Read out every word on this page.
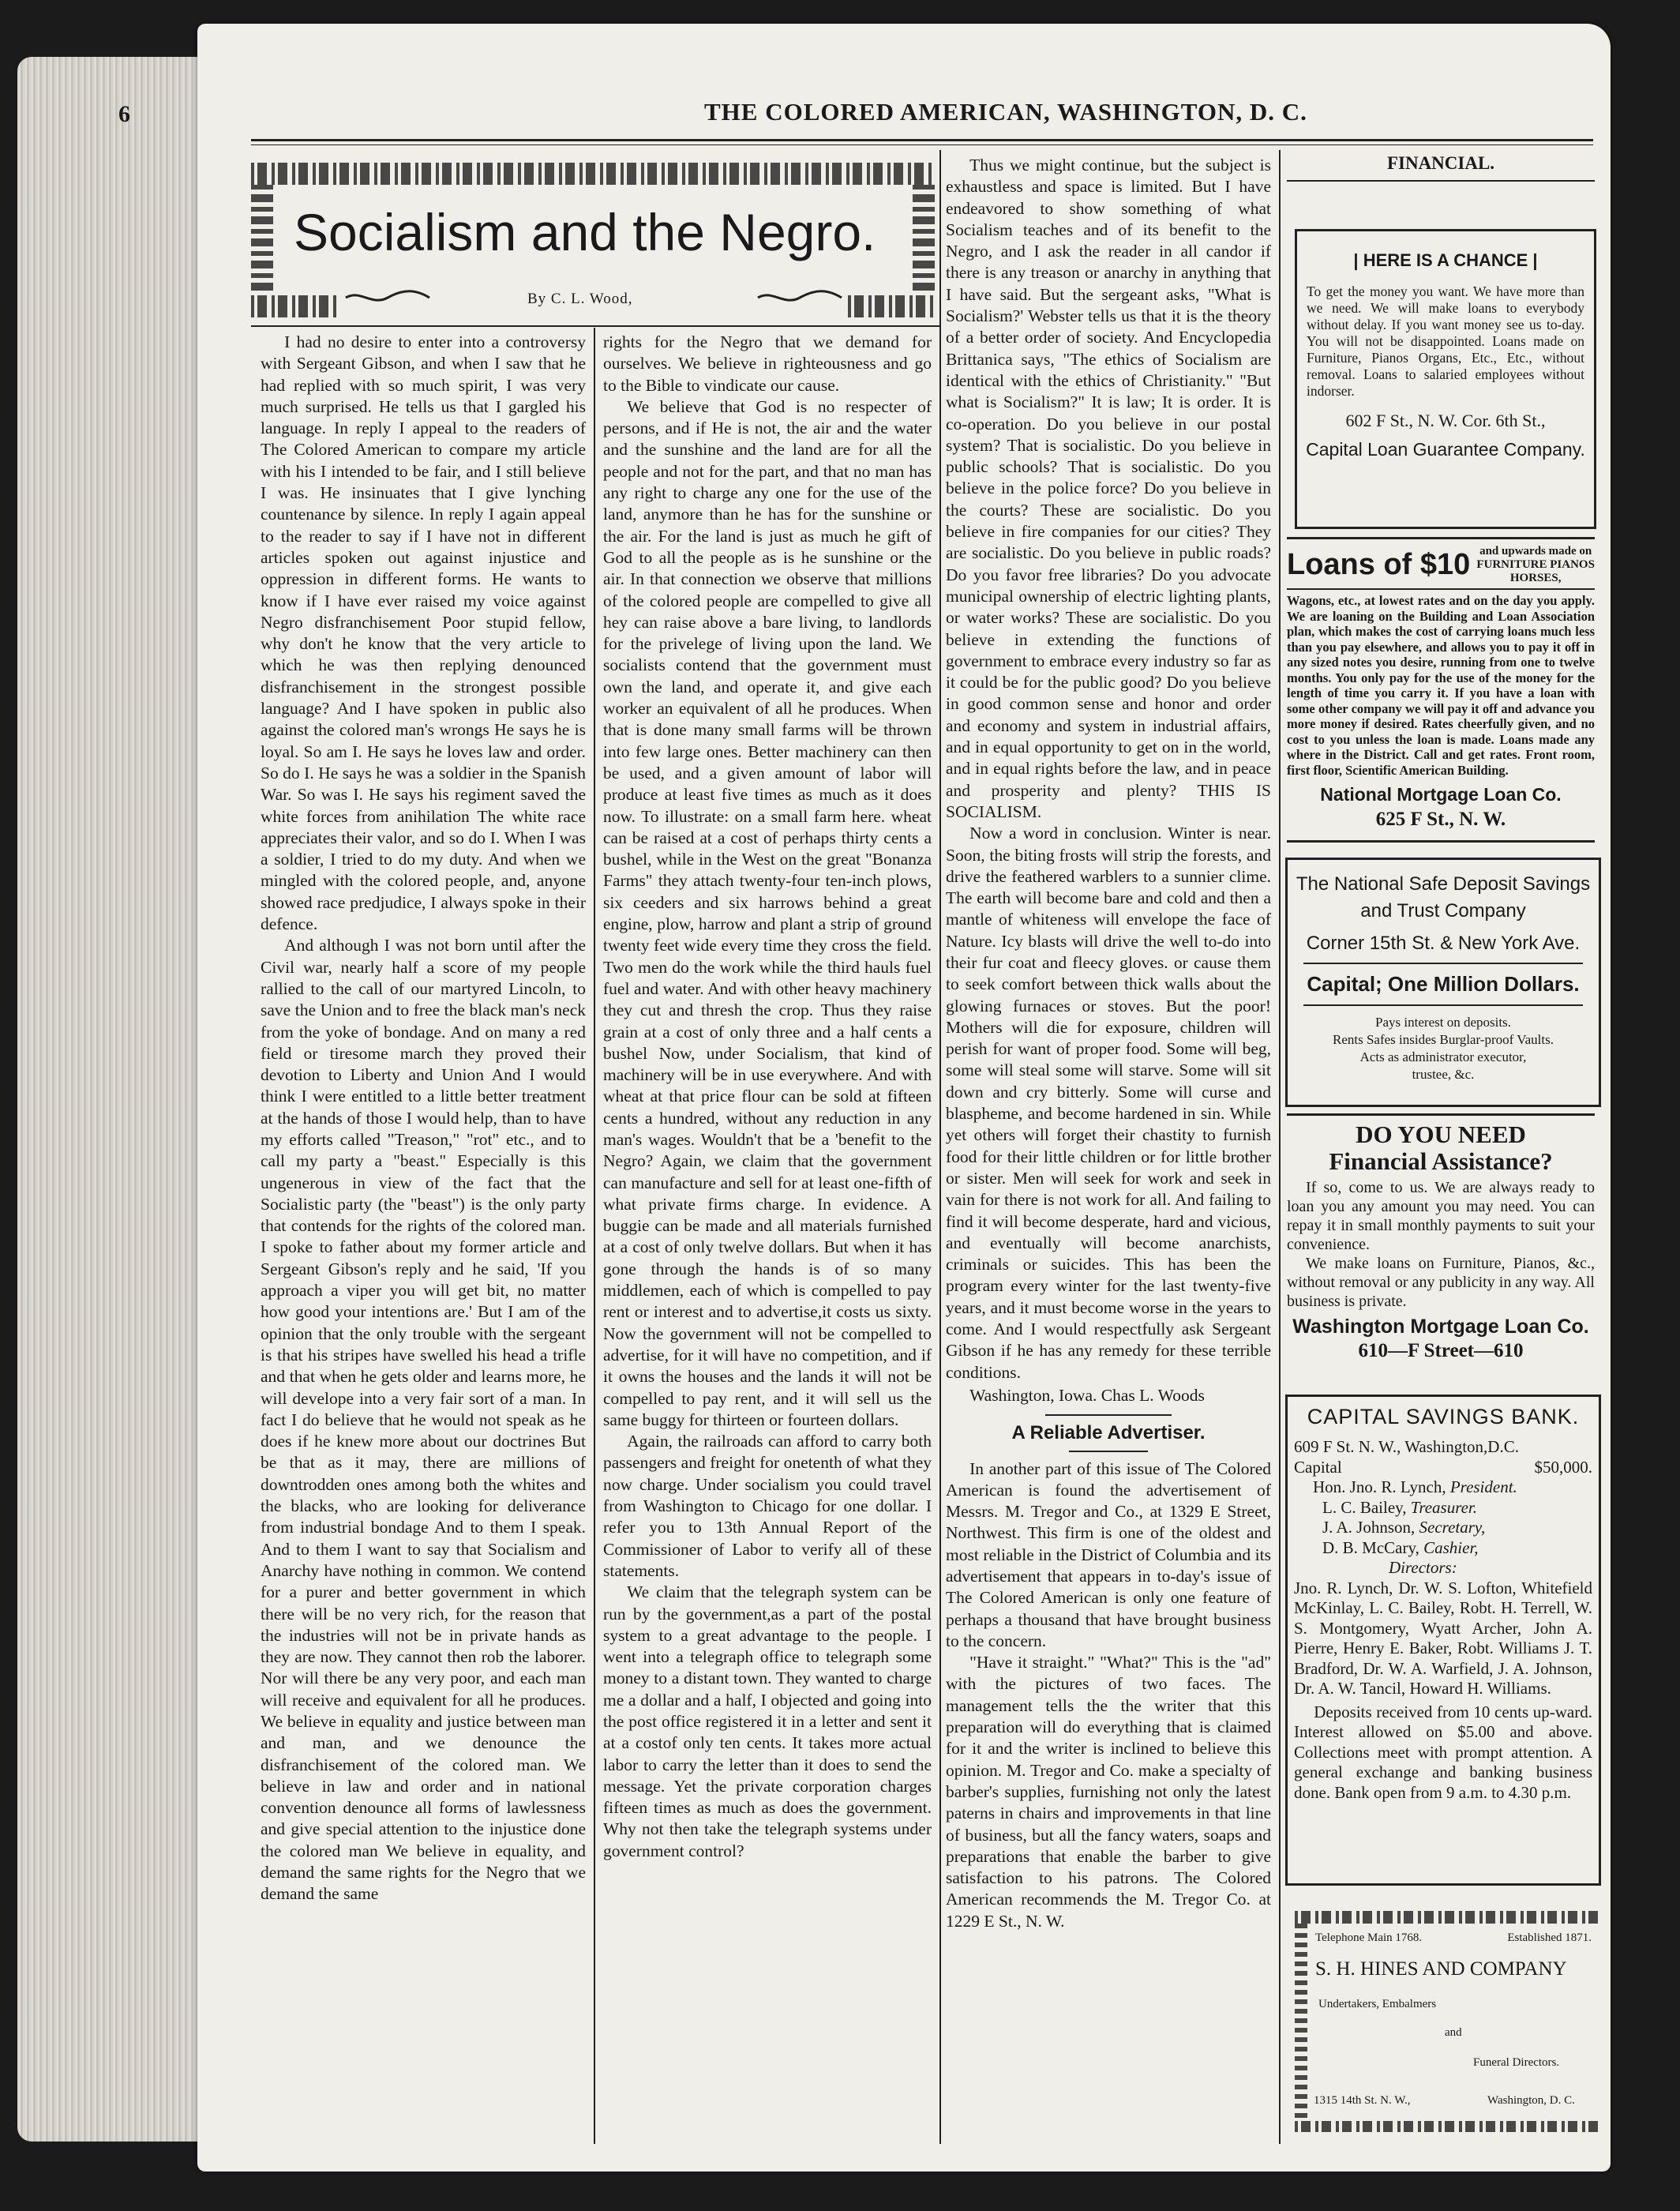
6	THE COLORED AMERICAN, WASHINGTON, D. C.
Socialism and the Negro.
By C. L. Wood,

I had no desire to enter into a controversy with Sergeant Gibson, and when I saw that he had replied with so much spirit, I was very much surprised. He tells us that I gargled his language. In reply I appeal to the readers of The Colored American to compare my article with his I intended to be fair, and I still believe I was. He insinuates that I give lynching countenance by silence. In reply I again appeal to the reader to say if I have not in different articles spoken out against injustice and oppression in different forms. He wants to know if I have ever raised my voice against Negro disfranchisement Poor stupid fellow, why don't he know that the very article to which he was then replying denounced disfranchisement in the strongest possible language? And I have spoken in public also against the colored man's wrongs He says he is loyal. So am I. He says he loves law and order. So do I. He says he was a soldier in the Spanish War. So was I. He says his regiment saved the white forces from anihilation The white race appreciates their valor, and so do I. When I was a soldier, I tried to do my duty. And when we mingled with the colored people, and, anyone showed race predjudice, I always spoke in their defence.

And although I was not born until after the Civil war, nearly half a score of my people rallied to the call of our martyred Lincoln, to save the Union and to free the black man's neck from the yoke of bondage. And on many a red field or tiresome march they proved their devotion to Liberty and Union And I would think I were entitled to a little better treatment at the hands of those I would help, than to have my efforts called "Treason," "rot" etc., and to call my party a "beast." Especially is this ungenerous in view of the fact that the Socialistic party (the "beast") is the only party that contends for the rights of the colored man. I spoke to father about my former article and Sergeant Gibson's reply and he said, 'If you approach a viper you will get bit, no matter how good your intentions are.' But I am of the opinion that the only trouble with the sergeant is that his stripes have swelled his head a trifle and that when he gets older and learns more, he will develope into a very fair sort of a man. In fact I do believe that he would not speak as he does if he knew more about our doctrines But be that as it may, there are millions of downtrodden ones among both the whites and the blacks, who are looking for deliverance from industrial bondage And to them I speak. And to them I want to say that Socialism and Anarchy have nothing in common. We contend for a purer and better government in which there will be no very rich, for the reason that the industries will not be in private hands as they are now. They cannot then rob the laborer. Nor will there be any very poor, and each man will receive and equivalent for all he produces. We believe in equality and justice between man and man, and we denounce the disfranchisement of the colored man. We believe in law and order and in national convention denounce all forms of lawlessness and give special attention to the injustice done the colored man We believe in equality, and demand the same rights for the Negro that we demand the same

rights for the Negro that we demand for ourselves. We believe in righteousness and go to the Bible to vindicate our cause.

We believe that God is no respecter of persons, and if He is not, the air and the water and the sunshine and the land are for all the people and not for the part, and that no man has any right to charge any one for the use of the land, anymore than he has for the sunshine or the air. For the land is just as much he gift of God to all the people as is he sunshine or the air. In that connection we observe that millions of the colored people are compelled to give all hey can raise above a bare living, to landlords for the privelege of living upon the land. We socialists contend that the government must own the land, and operate it, and give each worker an equivalent of all he produces. When that is done many small farms will be thrown into few large ones. Better machinery can then be used, and a given amount of labor will produce at least five times as much as it does now. To illustrate: on a small farm here. wheat can be raised at a cost of perhaps thirty cents a bushel, while in the West on the great "Bonanza Farms" they attach twenty-four ten-inch plows, six ceeders and six harrows behind a great engine, plow, harrow and plant a strip of ground twenty feet wide every time they cross the field. Two men do the work while the third hauls fuel fuel and water. And with other heavy machinery they cut and thresh the crop. Thus they raise grain at a cost of only three and a half cents a bushel Now, under Socialism, that kind of machinery will be in use everywhere. And with wheat at that price flour can be sold at fifteen cents a hundred, without any reduction in any man's wages. Wouldn't that be a 'benefit to the Negro? Again, we claim that the government can manufacture and sell for at least one-fifth of what private firms charge. In evidence. A buggie can be made and all materials furnished at a cost of only twelve dollars. But when it has gone through the hands is of so many middlemen, each of which is compelled to pay rent or interest and to advertise,it costs us sixty. Now the government will not be compelled to advertise, for it will have no competition, and if it owns the houses and the lands it will not be compelled to pay rent, and it will sell us the same buggy for thirteen or fourteen dollars.

Again, the railroads can afford to carry both passengers and freight for onetenth of what they now charge. Under socialism you could travel from Washington to Chicago for one dollar. I refer you to 13th Annual Report of the Commissioner of Labor to verify all of these statements.

We claim that the telegraph system can be run by the government,as a part of the postal system to a great advantage to the people. I went into a telegraph office to telegraph some money to a distant town. They wanted to charge me a dollar and a half, I objected and going into the post office registered it in a letter and sent it at a costof only ten cents. It takes more actual labor to carry the letter than it does to send the message. Yet the private corporation charges fifteen times as much as does the government. Why not then take the telegraph systems under government control?

Thus we might continue, but the subject is exhaustless and space is limited. But I have endeavored to show something of what Socialism teaches and of its benefit to the Negro, and I ask the reader in all candor if there is any treason or anarchy in anything that I have said. But the sergeant asks, "What is Socialism?' Webster tells us that it is the theory of a better order of society. And Encyclopedia Brittanica says, "The ethics of Socialism are identical with the ethics of Christianity." "But what is Socialism?" It is law; It is order. It is co-operation. Do you believe in our postal system? That is socialistic. Do you believe in public schools? That is socialistic. Do you believe in the police force? Do you believe in the courts? These are socialistic. Do you believe in fire companies for our cities? They are socialistic. Do you believe in public roads? Do you favor free libraries? Do you advocate municipal ownership of electric lighting plants, or water works? These are socialistic. Do you believe in extending the functions of government to embrace every industry so far as it could be for the public good? Do you believe in good common sense and honor and order and economy and system in industrial affairs, and in equal opportunity to get on in the world, and in equal rights before the law, and in peace and prosperity and plenty? THIS IS SOCIALISM.

Now a word in conclusion. Winter is near. Soon, the biting frosts will strip the forests, and drive the feathered warblers to a sunnier clime. The earth will become bare and cold and then a mantle of whiteness will envelope the face of Nature. Icy blasts will drive the well to-do into their fur coat and fleecy gloves. or cause them to seek comfort between thick walls about the glowing furnaces or stoves. But the poor! Mothers will die for exposure, children will perish for want of proper food. Some will beg, some will steal some will starve. Some will sit down and cry bitterly. Some will curse and blaspheme, and become hardened in sin. While yet others will forget their chastity to furnish food for their little children or for little brother or sister. Men will seek for work and seek in vain for there is not work for all. And failing to find it will become desperate, hard and vicious, and eventually will become anarchists, criminals or suicides. This has been the program every winter for the last twenty-five years, and it must become worse in the years to come. And I would respectfully ask Sergeant Gibson if he has any remedy for these terrible conditions.

Washington, Iowa. Chas L. Woods

A Reliable Advertiser.

In another part of this issue of The Colored American is found the advertisement of Messrs. M. Tregor and Co., at 1329 E Street, Northwest. This firm is one of the oldest and most reliable in the District of Columbia and its advertisement that appears in to-day's issue of The Colored American is only one feature of perhaps a thousand that have brought business to the concern.

"Have it straight." "What?" This is the "ad" with the pictures of two faces. The management tells the the writer that this preparation will do everything that is claimed for it and the writer is inclined to believe this opinion. M. Tregor and Co. make a specialty of barber's supplies, furnishing not only the latest paterns in chairs and improvements in that line of business, but all the fancy waters, soaps and preparations that enable the barber to give satisfaction to his patrons. The Colored American recommends the M. Tregor Co. at 1229 E St., N. W.

FINANCIAL.
| HERE IS A CHANCE |
To get the money you want. We have more than we need. We will make loans to everybody without delay. If you want money see us to-day. You will not be disappointed. Loans made on Furniture, Pianos Organs, Etc., Etc., without removal. Loans to salaried employees without indorser.
602 F St., N. W. Cor. 6th St.,
Capital Loan Guarantee Company.
Loans of $10 and upwards made on FURNITURE PIANOS HORSES,
Wagons, etc., at lowest rates and on the day you apply. We are loaning on the Building and Loan Association plan, which makes the cost of carrying loans much less than you pay elsewhere, and allows you to pay it off in any sized notes you desire, running from one to twelve months. You only pay for the use of the money for the length of time you carry it. If you have a loan with some other company we will pay it off and advance you more money if desired. Rates cheerfully given, and no cost to you unless the loan is made. Loans made any where in the District. Call and get rates. Front room, first floor, Scientific American Building.
National Mortgage Loan Co.
625 F St., N. W.
The National Safe Deposit Savings and Trust Company
Corner 15th St. & New York Ave.
Capital; One Million Dollars.
Pays interest on deposits.
Rents Safes insides Burglar-proof Vaults.
Acts as administrator executor,
trustee, &c.
DO YOU NEED
Financial Assistance?

If so, come to us. We are always ready to loan you any amount you may need. You can repay it in small monthly payments to suit your convenience.

We make loans on Furniture, Pianos, &c., without removal or any publicity in any way. All business is private.

Washington Mortgage Loan Co.
610—F Street—610
CAPITAL SAVINGS BANK.
609 F St. N. W., Washington,D.C.
Capital	$50,000.
Hon. Jno. R. Lynch, President.
L. C. Bailey, Treasurer.
J. A. Johnson, Secretary,
D. B. McCary, Cashier,
Directors:
Jno. R. Lynch, Dr. W. S. Lofton, Whitefield McKinlay, L. C. Bailey, Robt. H. Terrell, W. S. Montgomery, Wyatt Archer, John A. Pierre, Henry E. Baker, Robt. Williams J. T. Bradford, Dr. W. A. Warfield, J. A. Johnson, Dr. A. W. Tancil, Howard H. Williams.
Deposits received from 10 cents up-ward. Interest allowed on $5.00 and above. Collections meet with prompt attention. A general exchange and banking business done. Bank open from 9 a.m. to 4.30 p.m.
Telephone Main 1768.	Established 1871.
S. H. HINES AND COMPANY
Undertakers, Embalmers
and
Funeral Directors.
1315 14th St. N. W.,	Washington, D. C.
